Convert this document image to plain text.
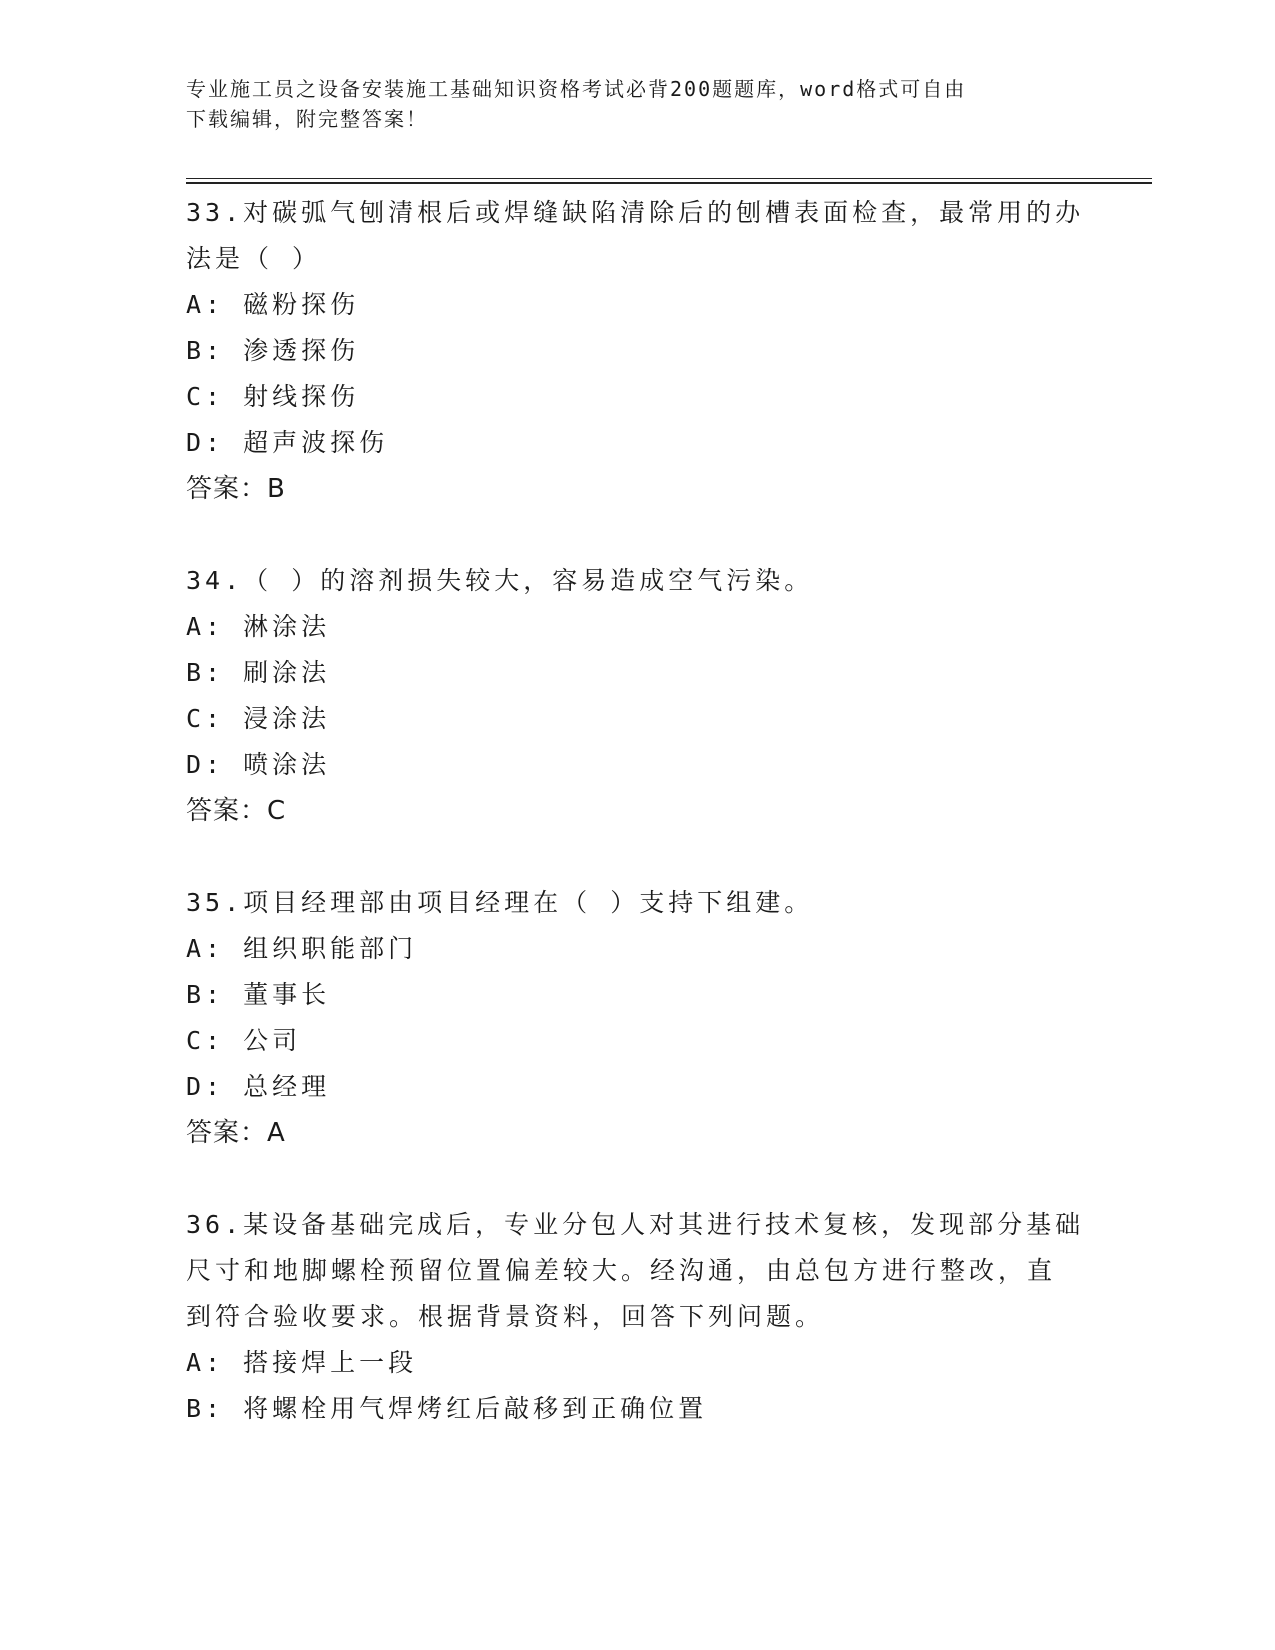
专业施工员之设备安装施工基础知识资格考试必背200题题库，word格式可自由
下载编辑，附完整答案！
33.对碳弧气刨清根后或焊缝缺陷清除后的刨槽表面检查，最常用的办
法是（ ）
A: 磁粉探伤
B: 渗透探伤
C: 射线探伤
D: 超声波探伤
答案：B
34.（ ）的溶剂损失较大，容易造成空气污染。
A: 淋涂法
B: 刷涂法
C: 浸涂法
D: 喷涂法
答案：C
35.项目经理部由项目经理在（ ）支持下组建。
A: 组织职能部门
B: 董事长
C: 公司
D: 总经理
答案：A
36.某设备基础完成后，专业分包人对其进行技术复核，发现部分基础
尺寸和地脚螺栓预留位置偏差较大。经沟通，由总包方进行整改，直
到符合验收要求。根据背景资料，回答下列问题。
A: 搭接焊上一段
B: 将螺栓用气焊烤红后敲移到正确位置
